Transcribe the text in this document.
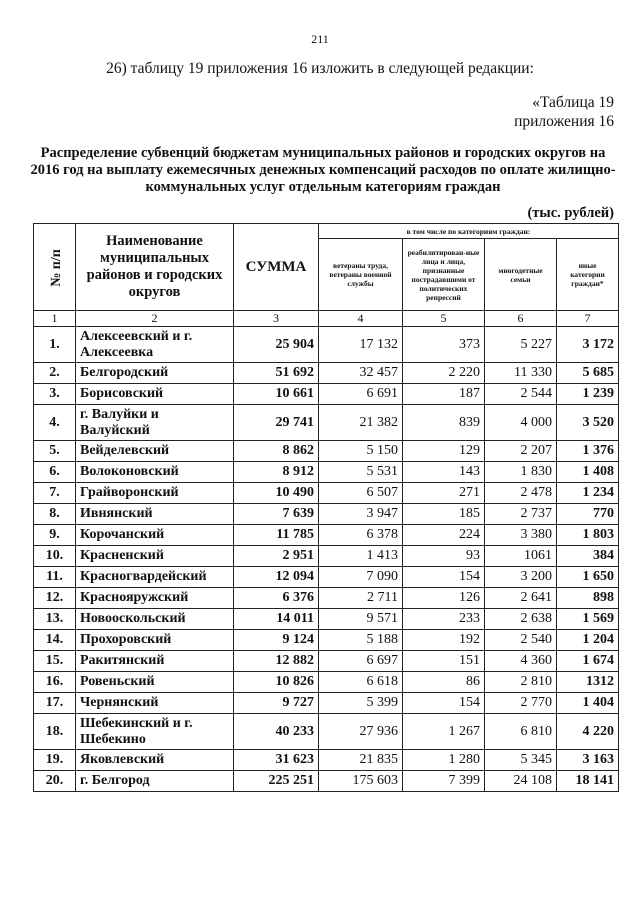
211
26) таблицу 19 приложения 16 изложить в следующей редакции:
«Таблица 19
приложения 16
Распределение субвенций бюджетам муниципальных районов и городских округов на 2016 год на выплату ежемесячных денежных компенсаций расходов по оплате жилищно-коммунальных услуг отдельным категориям граждан
(тыс. рублей)
№ п/п	Наименование муниципальных районов и городских округов	СУММА	в том числе по категориям граждан:			
			ветераны труда, ветераны военной службы	реабилитирован-ные лица и лица, признанные пострадавшими от политических репрессий	многодетные семьи	иные категории граждан*
1	2	3	4	5	6	7
1.	Алексеевский и г. Алексеевка	25 904	17 132	373	5 227	3 172
2.	Белгородский	51 692	32 457	2 220	11 330	5 685
3.	Борисовский	10 661	6 691	187	2 544	1 239
4.	г. Валуйки и Валуйский	29 741	21 382	839	4 000	3 520
5.	Вейделевский	8 862	5 150	129	2 207	1 376
6.	Волоконовский	8 912	5 531	143	1 830	1 408
7.	Грайворонский	10 490	6 507	271	2 478	1 234
8.	Ивнянский	7 639	3 947	185	2 737	770
9.	Корочанский	11 785	6 378	224	3 380	1 803
10.	Красненский	2 951	1 413	93	1061	384
11.	Красногвардейский	12 094	7 090	154	3 200	1 650
12.	Краснояружский	6 376	2 711	126	2 641	898
13.	Новооскольский	14 011	9 571	233	2 638	1 569
14.	Прохоровский	9 124	5 188	192	2 540	1 204
15.	Ракитянский	12 882	6 697	151	4 360	1 674
16.	Ровеньский	10 826	6 618	86	2 810	1312
17.	Чернянский	9 727	5 399	154	2 770	1 404
18.	Шебекинский и г. Шебекино	40 233	27 936	1 267	6 810	4 220
19.	Яковлевский	31 623	21 835	1 280	5 345	3 163
20.	г. Белгород	225 251	175 603	7 399	24 108	18 141
